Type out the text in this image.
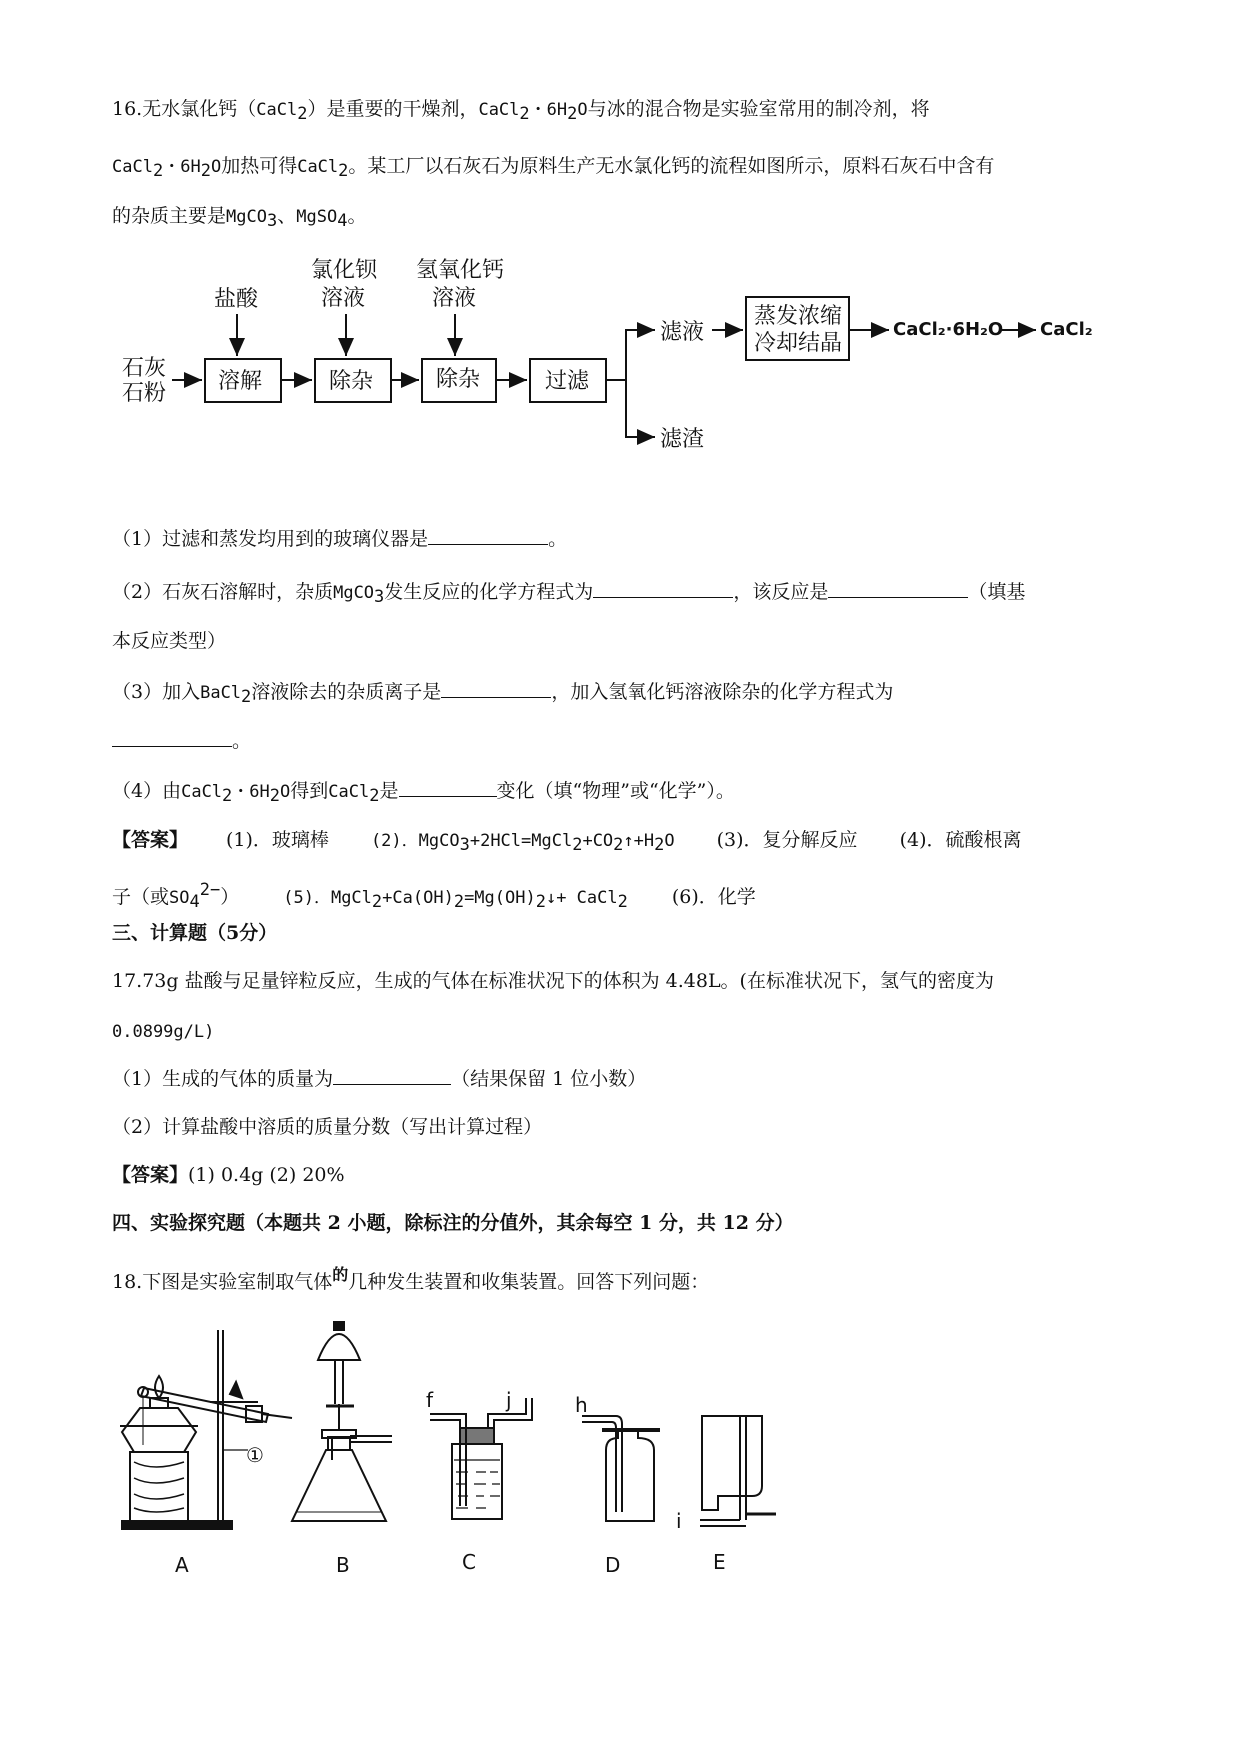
16.无水氯化钙（CaCl$_2$）是重要的干燥剂，CaCl$_2$・$6H_2O$与冰的混合物是实验室常用的制冷剂，将
CaCl$_2$・$6H_2O$加热可得CaCl$_2$。某工厂以石灰石为原料生产无水氯化钙的流程如图所示，原料石灰石中含有
的杂质主要是MgCO$_3$、MgSO$_4$。
石灰
石粉
盐酸
氯化钡
溶液
氢氧化钙
溶液
溶解	除杂	除杂	过滤
蒸发浓缩
冷却结晶
滤液
滤渣
CaCl₂·6H₂O CaCl₂
（1）过滤和蒸发均用到的玻璃仪器是	。
（2）石灰石溶解时，杂质MgCO$_3$发生反应的化学方程式为	，该反应是	（填基
本反应类型）
（3）加入BaCl$_2$溶液除去的杂质离子是	，加入氢氧化钙溶液除杂的化学方程式为
。
（4）由CaCl$_2$・$6H_2O$得到CaCl$_2$是	变化（填“物理”或“化学”）。
【答案】 (1)．玻璃棒 (2)．$MgCO_3+2HCl=MgCl_2+CO_2↑+H_2O$ (3)．复分解反应 (4)．硫酸根离
子（或$SO_4^{2-}$）	(5)．$MgCl_2+Ca(OH)_2=Mg(OH)_2↓+$ CaCl$_2$ (6)．化学
三、计算题（5分）
17.73g 盐酸与足量锌粒反应，生成的气体在标准状况下的体积为 4.48L。(在标准状况下，氢气的密度为
0.0899g/L)
（1）生成的气体的质量为	（结果保留 1 位小数）
（2）计算盐酸中溶质的质量分数（写出计算过程）
【答案】(1) 0.4g (2) 20%
四、实验探究题（本题共 2 小题，除标注的分值外，其余每空 1 分，共 12 分）
18.下图是实验室制取气体$^的$几种发生装置和收集装置。回答下列问题：
A	B	C	D	E
①
f	j	h
i
